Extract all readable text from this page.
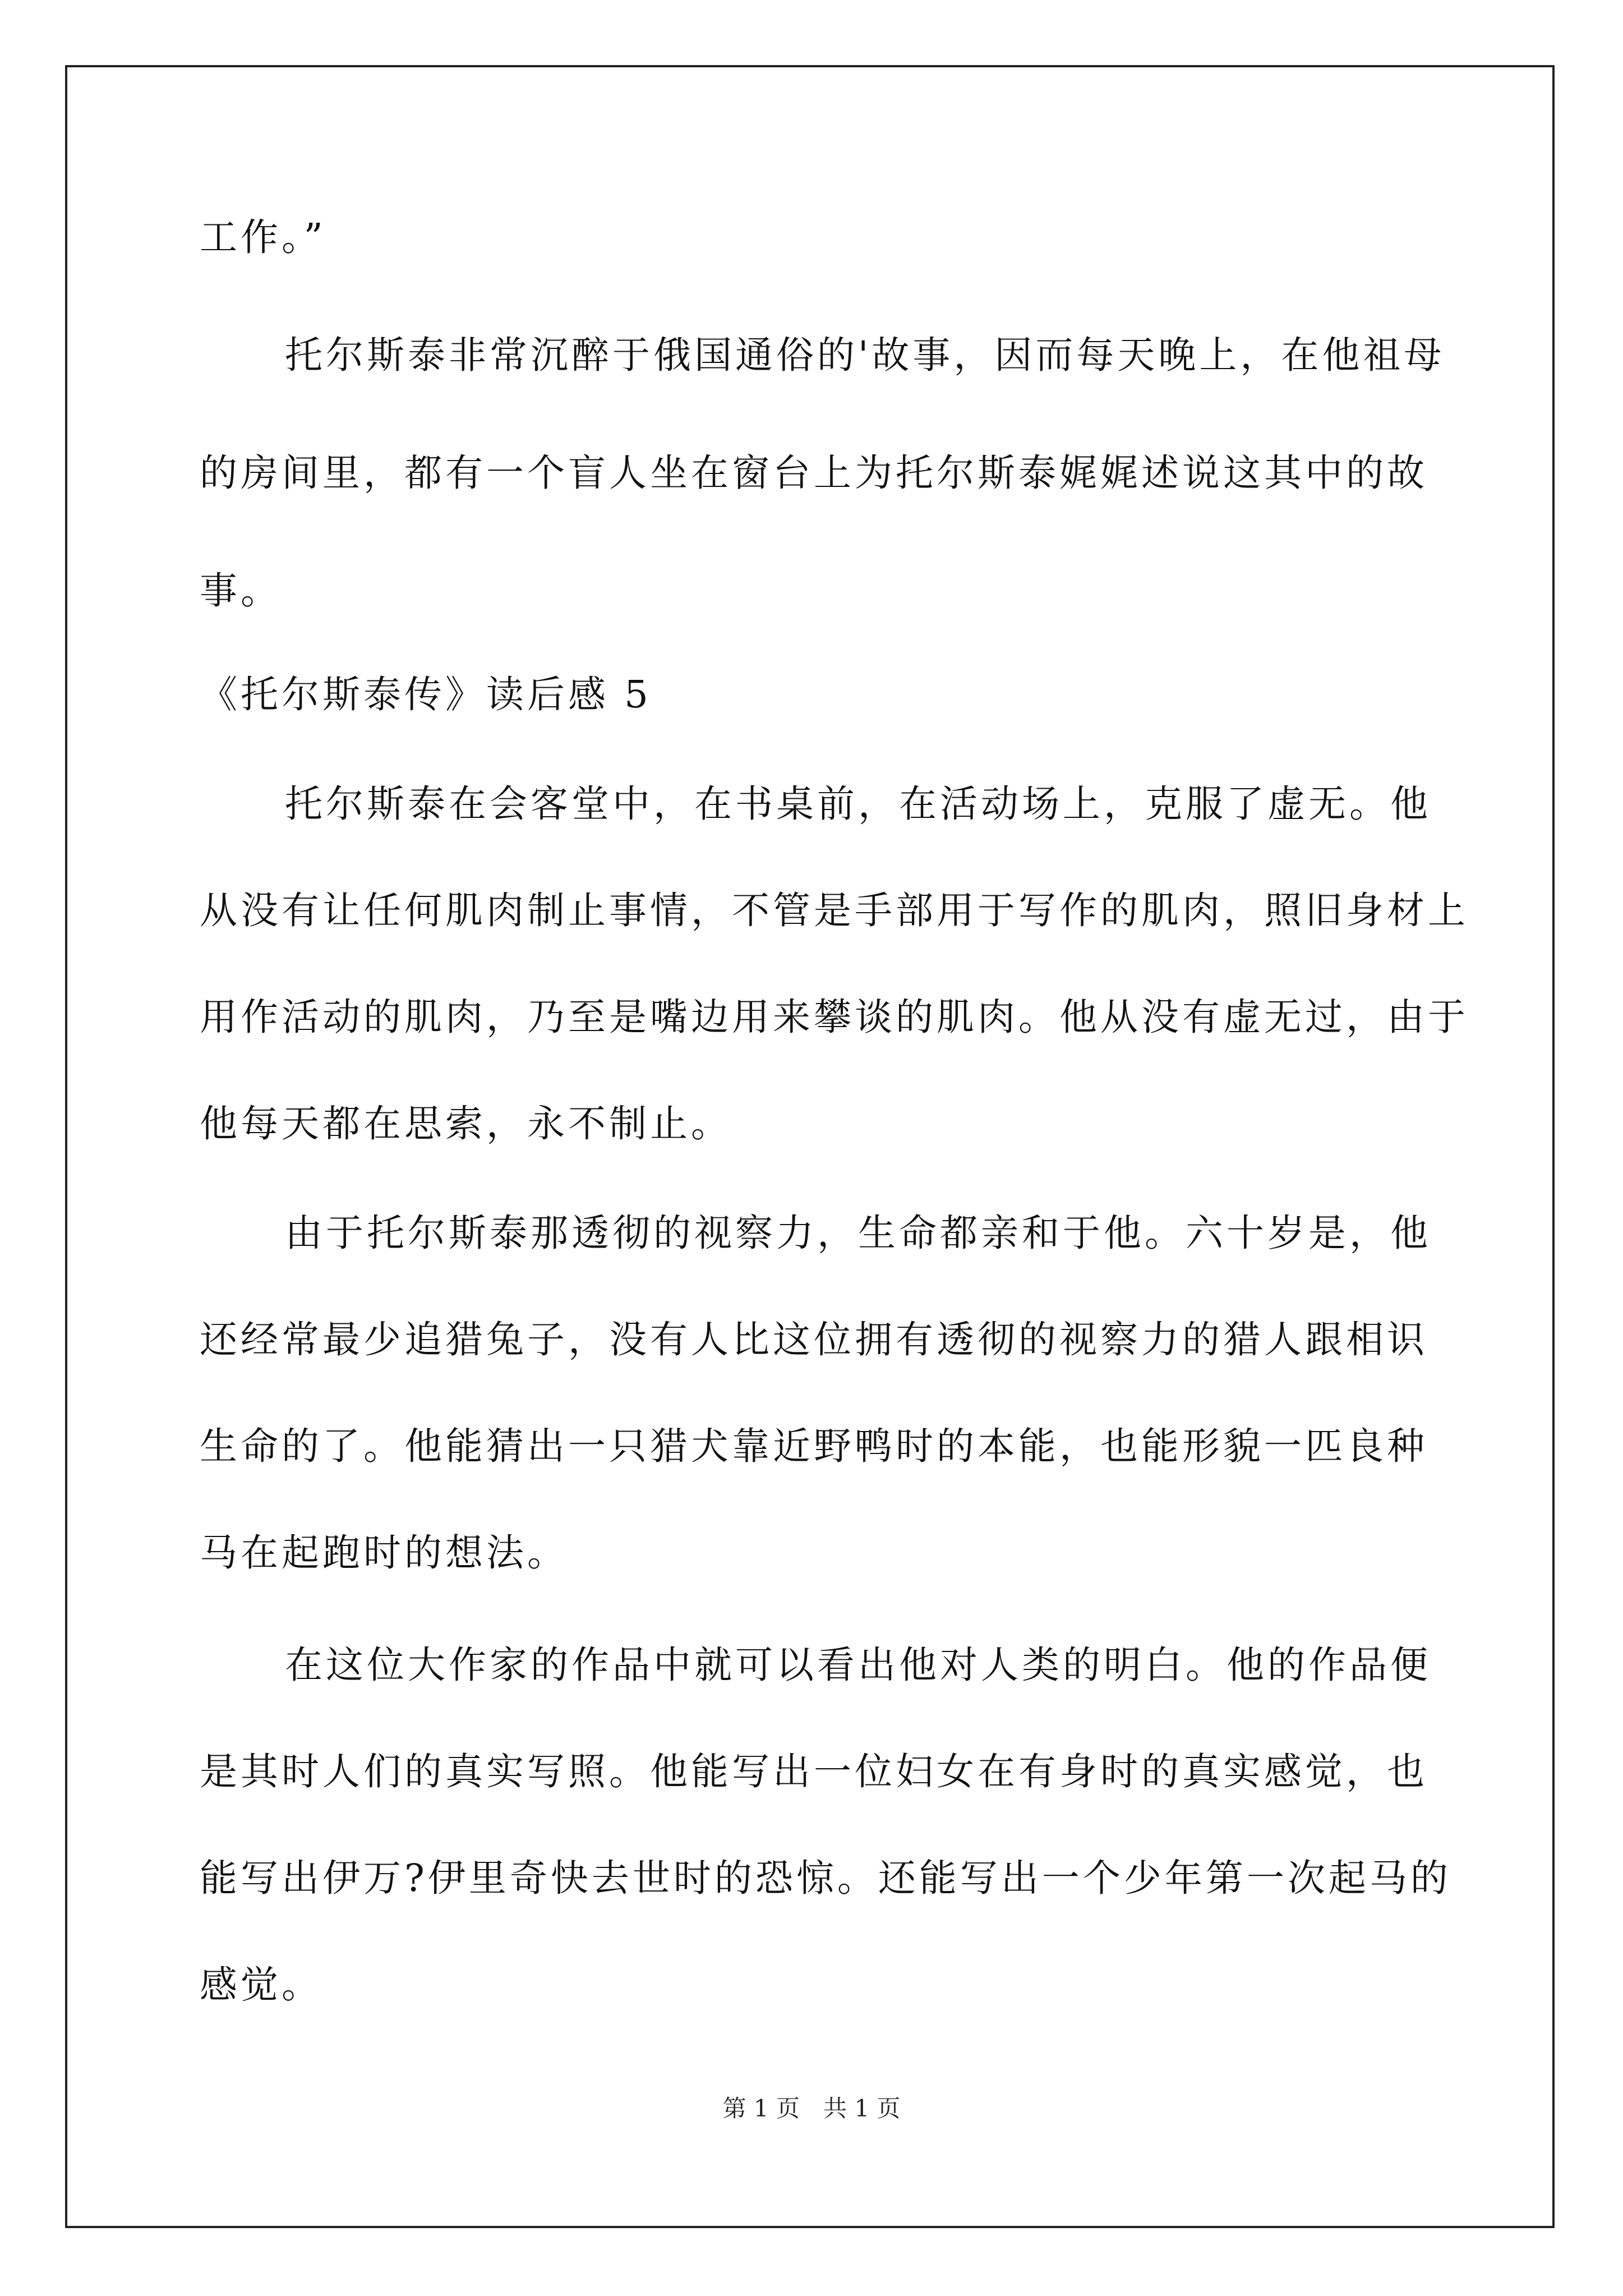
工作。”
托尔斯泰非常沉醉于俄国通俗的'故事，因而每天晚上，在他祖母
的房间里，都有一个盲人坐在窗台上为托尔斯泰娓娓述说这其中的故
事。
《托尔斯泰传》读后感 5
托尔斯泰在会客堂中，在书桌前，在活动场上，克服了虚无。他
从没有让任何肌肉制止事情，不管是手部用于写作的肌肉，照旧身材上
用作活动的肌肉，乃至是嘴边用来攀谈的肌肉。他从没有虚无过，由于
他每天都在思索，永不制止。
由于托尔斯泰那透彻的视察力，生命都亲和于他。六十岁是，他
还经常最少追猎兔子，没有人比这位拥有透彻的视察力的猎人跟相识
生命的了。他能猜出一只猎犬靠近野鸭时的本能，也能形貌一匹良种
马在起跑时的想法。
在这位大作家的作品中就可以看出他对人类的明白。他的作品便
是其时人们的真实写照。他能写出一位妇女在有身时的真实感觉，也
能写出伊万?伊里奇快去世时的恐惊。还能写出一个少年第一次起马的
感觉。
第 1 页　共 1 页
